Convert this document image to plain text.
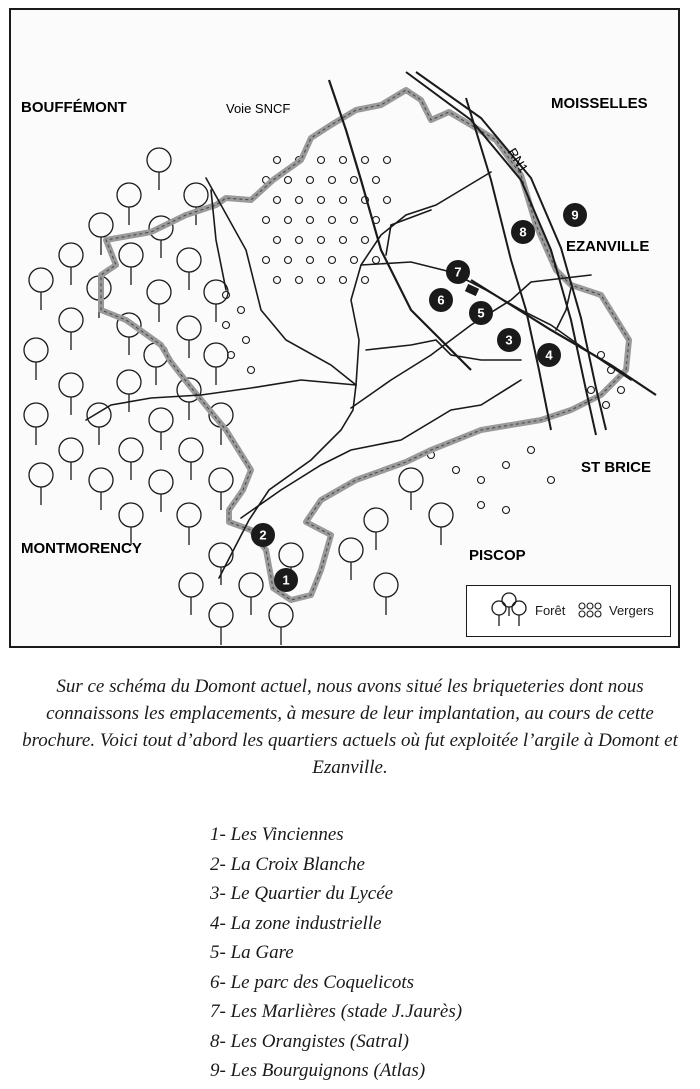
BOUFFÉMONT	MOISSELLES
EZANVILLE
ST BRICE
MONTMORENCY	PISCOP
Voie SNCF
RN1
1
2
3
4
5
6
7
8
9
Forêt	Vergers

Sur ce schéma du Domont actuel, nous avons situé les briqueteries dont nous connaissons les emplacements, à mesure de leur implantation, au cours de cette brochure. Voici tout d’abord les quartiers actuels où fut exploitée l’argile à Domont et Ezanville.

1- Les Vinciennes
2- La Croix Blanche
3- Le Quartier du Lycée
4- La zone industrielle
5- La Gare
6- Le parc des Coquelicots
7- Les Marlières (stade J.Jaurès)
8- Les Orangistes (Satral)
9- Les Bourguignons (Atlas)
